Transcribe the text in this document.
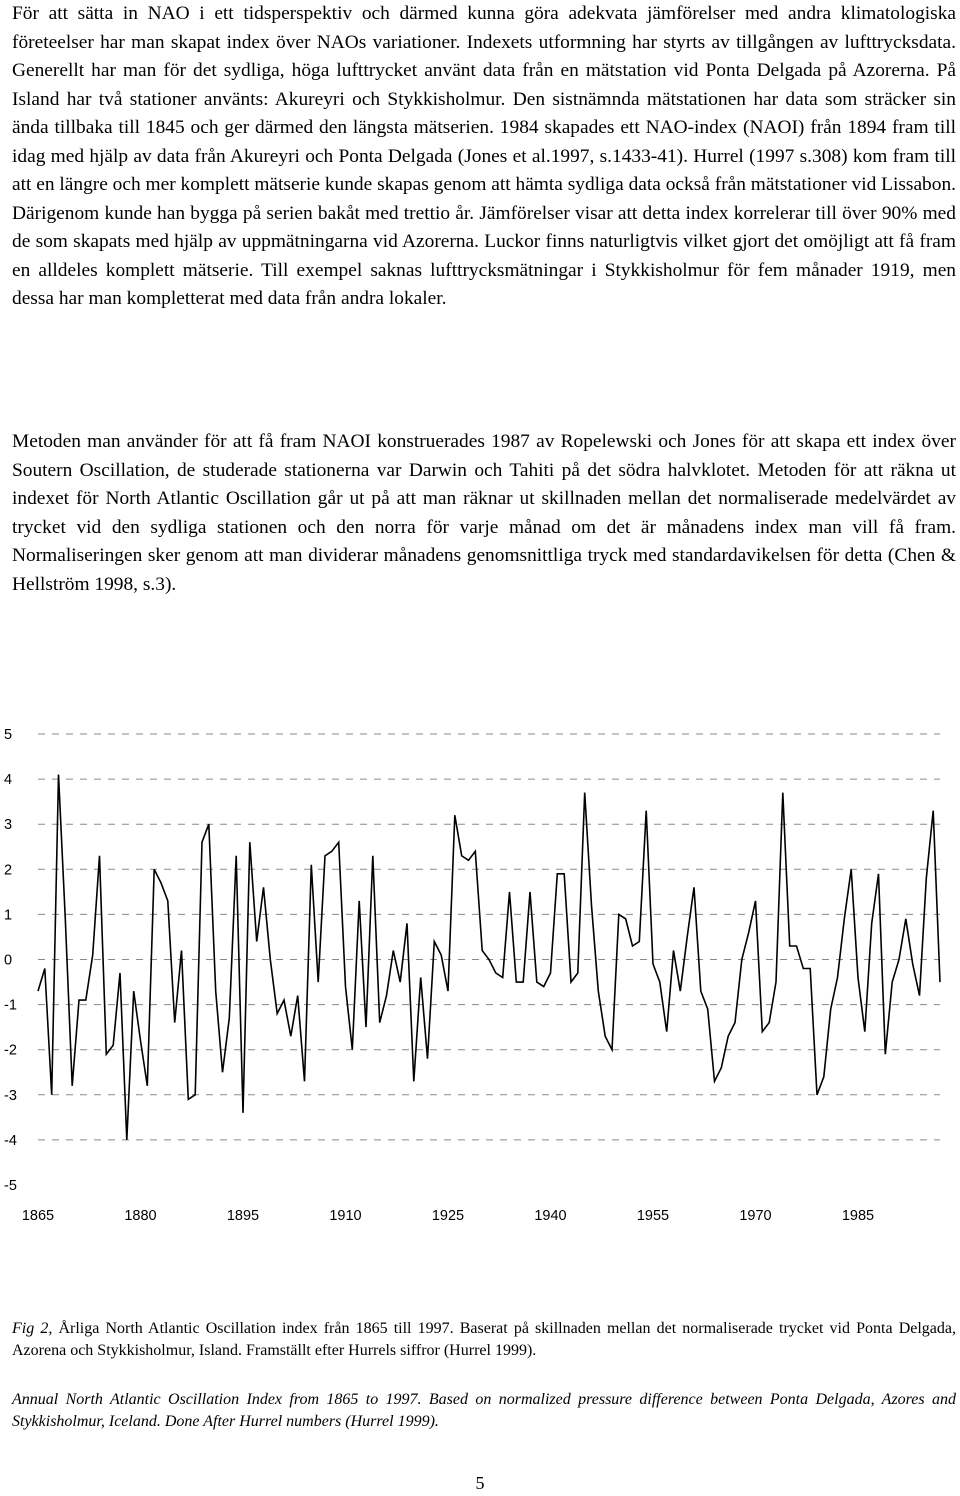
För att sätta in NAO i ett tidsperspektiv och därmed kunna göra adekvata jämförelser med andra klimatologiska företeelser har man skapat index över NAOs variationer. Indexets utformning har styrts av tillgången av lufttrycksdata. Generellt har man för det sydliga, höga lufttrycket använt data från en mätstation vid Ponta Delgada på Azorerna. På Island har två stationer använts: Akureyri och Stykkisholmur. Den sistnämnda mätstationen har data som sträcker sin ända tillbaka till 1845 och ger därmed den längsta mätserien. 1984 skapades ett NAO-index (NAOI) från 1894 fram till idag med hjälp av data från Akureyri och Ponta Delgada (Jones et al.1997, s.1433-41). Hurrel (1997 s.308) kom fram till att en längre och mer komplett mätserie kunde skapas genom att hämta sydliga data också från mätstationer vid Lissabon. Därigenom kunde han bygga på serien bakåt med trettio år. Jämförelser visar att detta index korrelerar till över 90% med de som skapats med hjälp av uppmätningarna vid Azorerna. Luckor finns naturligtvis vilket gjort det omöjligt att få fram en alldeles komplett mätserie. Till exempel saknas lufttrycksmätningar i Stykkisholmur för fem månader 1919, men dessa har man kompletterat med data från andra lokaler.

Metoden man använder för att få fram NAOI konstruerades 1987 av Ropelewski och Jones för att skapa ett index över Soutern Oscillation, de studerade stationerna var Darwin och Tahiti på det södra halvklotet. Metoden för att räkna ut indexet för North Atlantic Oscillation går ut på att man räknar ut skillnaden mellan det normaliserade medelvärdet av trycket vid den sydliga stationen och den norra för varje månad om det är månadens index man vill få fram. Normaliseringen sker genom att man dividerar månadens genomsnittliga tryck med standardavikelsen för detta (Chen & Hellström 1998, s.3).

5
4
3
2
1
0
-1
-2
-3
-4
-5
1865	1880	1895	1910	1925	1940	1955	1970	1985

Fig 2, Årliga North Atlantic Oscillation index från 1865 till 1997. Baserat på skillnaden mellan det normaliserade trycket vid Ponta Delgada, Azorena och Stykkisholmur, Island. Framställt efter Hurrels siffror (Hurrel 1999).

Annual North Atlantic Oscillation Index from 1865 to 1997. Based on normalized pressure difference between Ponta Delgada, Azores and Stykkisholmur, Iceland. Done After Hurrel numbers (Hurrel 1999).

5
